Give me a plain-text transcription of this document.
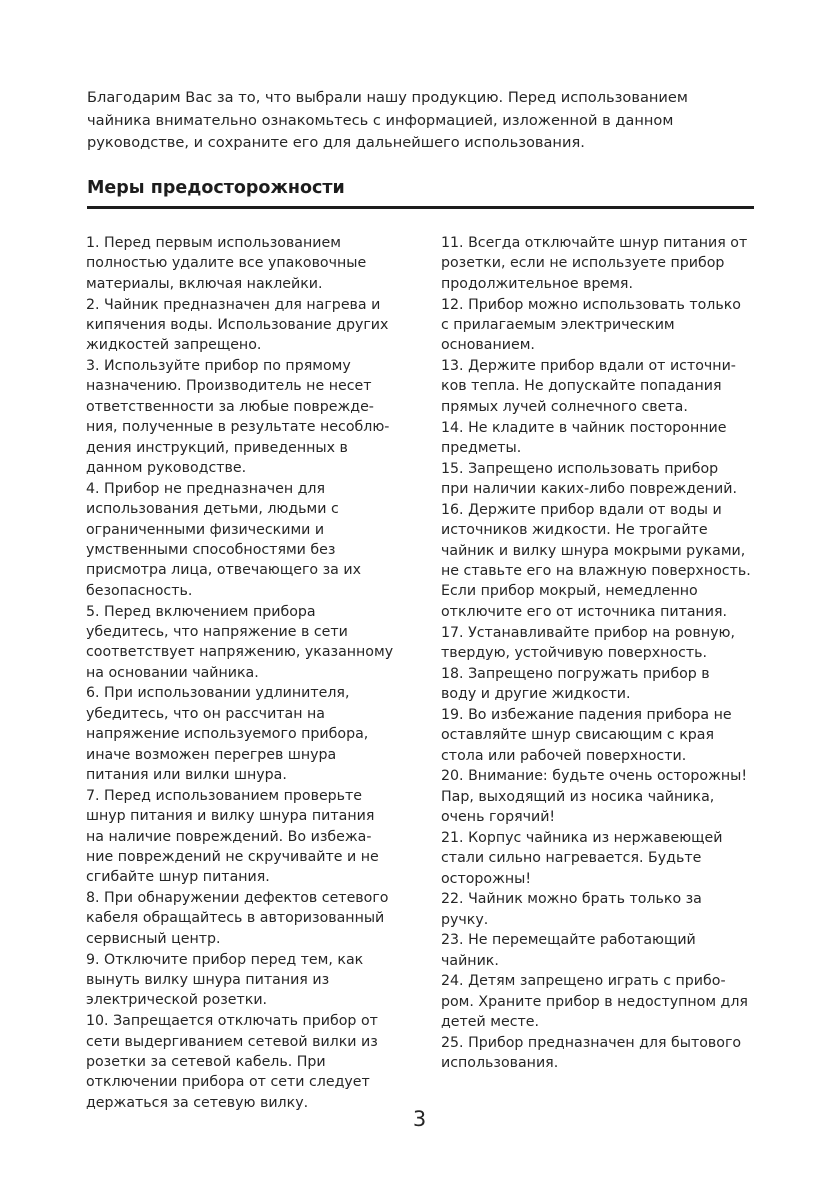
Благодарим Вас за то, что выбрали нашу продукцию. Перед использованием
чайника внимательно ознакомьтесь с информацией, изложенной в данном
руководстве, и сохраните его для дальнейшего использования.

Меры предосторожности
1. Перед первым использованием
полностью удалите все упаковочные
материалы, включая наклейки.
2. Чайник предназначен для нагрева и
кипячения воды. Использование других
жидкостей запрещено.
3. Используйте прибор по прямому
назначению. Производитель не несет
ответственности за любые поврежде-
ния, полученные в результате несоблю-
дения инструкций, приведенных в
данном руководстве.
4. Прибор не предназначен для
использования детьми, людьми с
ограниченными физическими и
умственными способностями без
присмотра лица, отвечающего за их
безопасность.
5. Перед включением прибора
убедитесь, что напряжение в сети
соответствует напряжению, указанному
на основании чайника.
6. При использовании удлинителя,
убедитесь, что он рассчитан на
напряжение используемого прибора,
иначе возможен перегрев шнура
питания или вилки шнура.
7. Перед использованием проверьте
шнур питания и вилку шнура питания
на наличие повреждений. Во избежа-
ние повреждений не скручивайте и не
сгибайте шнур питания.
8. При обнаружении дефектов сетевого
кабеля обращайтесь в авторизованный
сервисный центр.
9. Отключите прибор перед тем, как
вынуть вилку шнура питания из
электрической розетки.
10. Запрещается отключать прибор от
сети выдергиванием сетевой вилки из
розетки за сетевой кабель. При
отключении прибора от сети следует
держаться за сетевую вилку.
11. Всегда отключайте шнур питания от
розетки, если не используете прибор
продолжительное время.
12. Прибор можно использовать только
с прилагаемым электрическим
основанием.
13. Держите прибор вдали от источни-
ков тепла. Не допускайте попадания
прямых лучей солнечного света.
14. Не кладите в чайник посторонние
предметы.
15. Запрещено использовать прибор
при наличии каких-либо повреждений.
16. Держите прибор вдали от воды и
источников жидкости. Не трогайте
чайник и вилку шнура мокрыми руками,
не ставьте его на влажную поверхность.
Если прибор мокрый, немедленно
отключите его от источника питания.
17. Устанавливайте прибор на ровную,
твердую, устойчивую поверхность.
18. Запрещено погружать прибор в
воду и другие жидкости.
19. Во избежание падения прибора не
оставляйте шнур свисающим с края
стола или рабочей поверхности.
20. Внимание: будьте очень осторожны!
Пар, выходящий из носика чайника,
очень горячий!
21. Корпус чайника из нержавеющей
стали сильно нагревается. Будьте
осторожны!
22. Чайник можно брать только за
ручку.
23. Не перемещайте работающий
чайник.
24. Детям запрещено играть с прибо-
ром. Храните прибор в недоступном для
детей месте.
25. Прибор предназначен для бытового
использования.
3
